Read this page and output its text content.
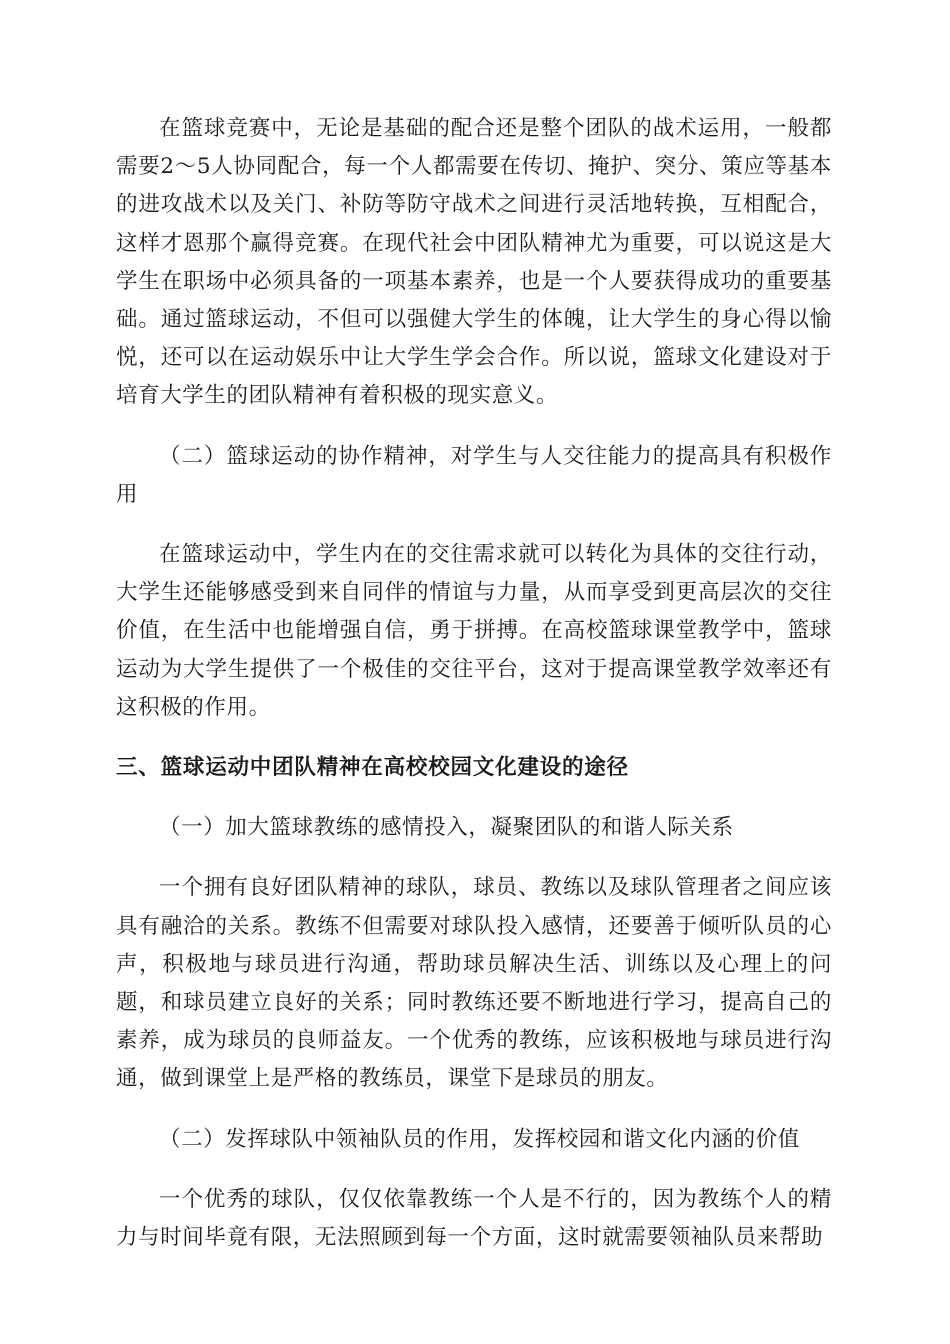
在篮球竞赛中，无论是基础的配合还是整个团队的战术运用，一般都需要2～5人协同配合，每一个人都需要在传切、掩护、突分、策应等基本的进攻战术以及关门、补防等防守战术之间进行灵活地转换，互相配合，这样才恩那个赢得竞赛。在现代社会中团队精神尤为重要，可以说这是大学生在职场中必须具备的一项基本素养，也是一个人要获得成功的重要基础。通过篮球运动，不但可以强健大学生的体魄，让大学生的身心得以愉悦，还可以在运动娱乐中让大学生学会合作。所以说，篮球文化建设对于培育大学生的团队精神有着积极的现实意义。

（二）篮球运动的协作精神，对学生与人交往能力的提高具有积极作用

在篮球运动中，学生内在的交往需求就可以转化为具体的交往行动，大学生还能够感受到来自同伴的情谊与力量，从而享受到更高层次的交往价值，在生活中也能增强自信，勇于拼搏。在高校篮球课堂教学中，篮球运动为大学生提供了一个极佳的交往平台，这对于提高课堂教学效率还有这积极的作用。

三、篮球运动中团队精神在高校校园文化建设的途径

（一）加大篮球教练的感情投入，凝聚团队的和谐人际关系

一个拥有良好团队精神的球队，球员、教练以及球队管理者之间应该具有融洽的关系。教练不但需要对球队投入感情，还要善于倾听队员的心声，积极地与球员进行沟通，帮助球员解决生活、训练以及心理上的问题，和球员建立良好的关系；同时教练还要不断地进行学习，提高自己的素养，成为球员的良师益友。一个优秀的教练，应该积极地与球员进行沟通，做到课堂上是严格的教练员，课堂下是球员的朋友。

（二）发挥球队中领袖队员的作用，发挥校园和谐文化内涵的价值

一个优秀的球队，仅仅依靠教练一个人是不行的，因为教练个人的精力与时间毕竟有限，无法照顾到每一个方面，这时就需要领袖队员来帮助
